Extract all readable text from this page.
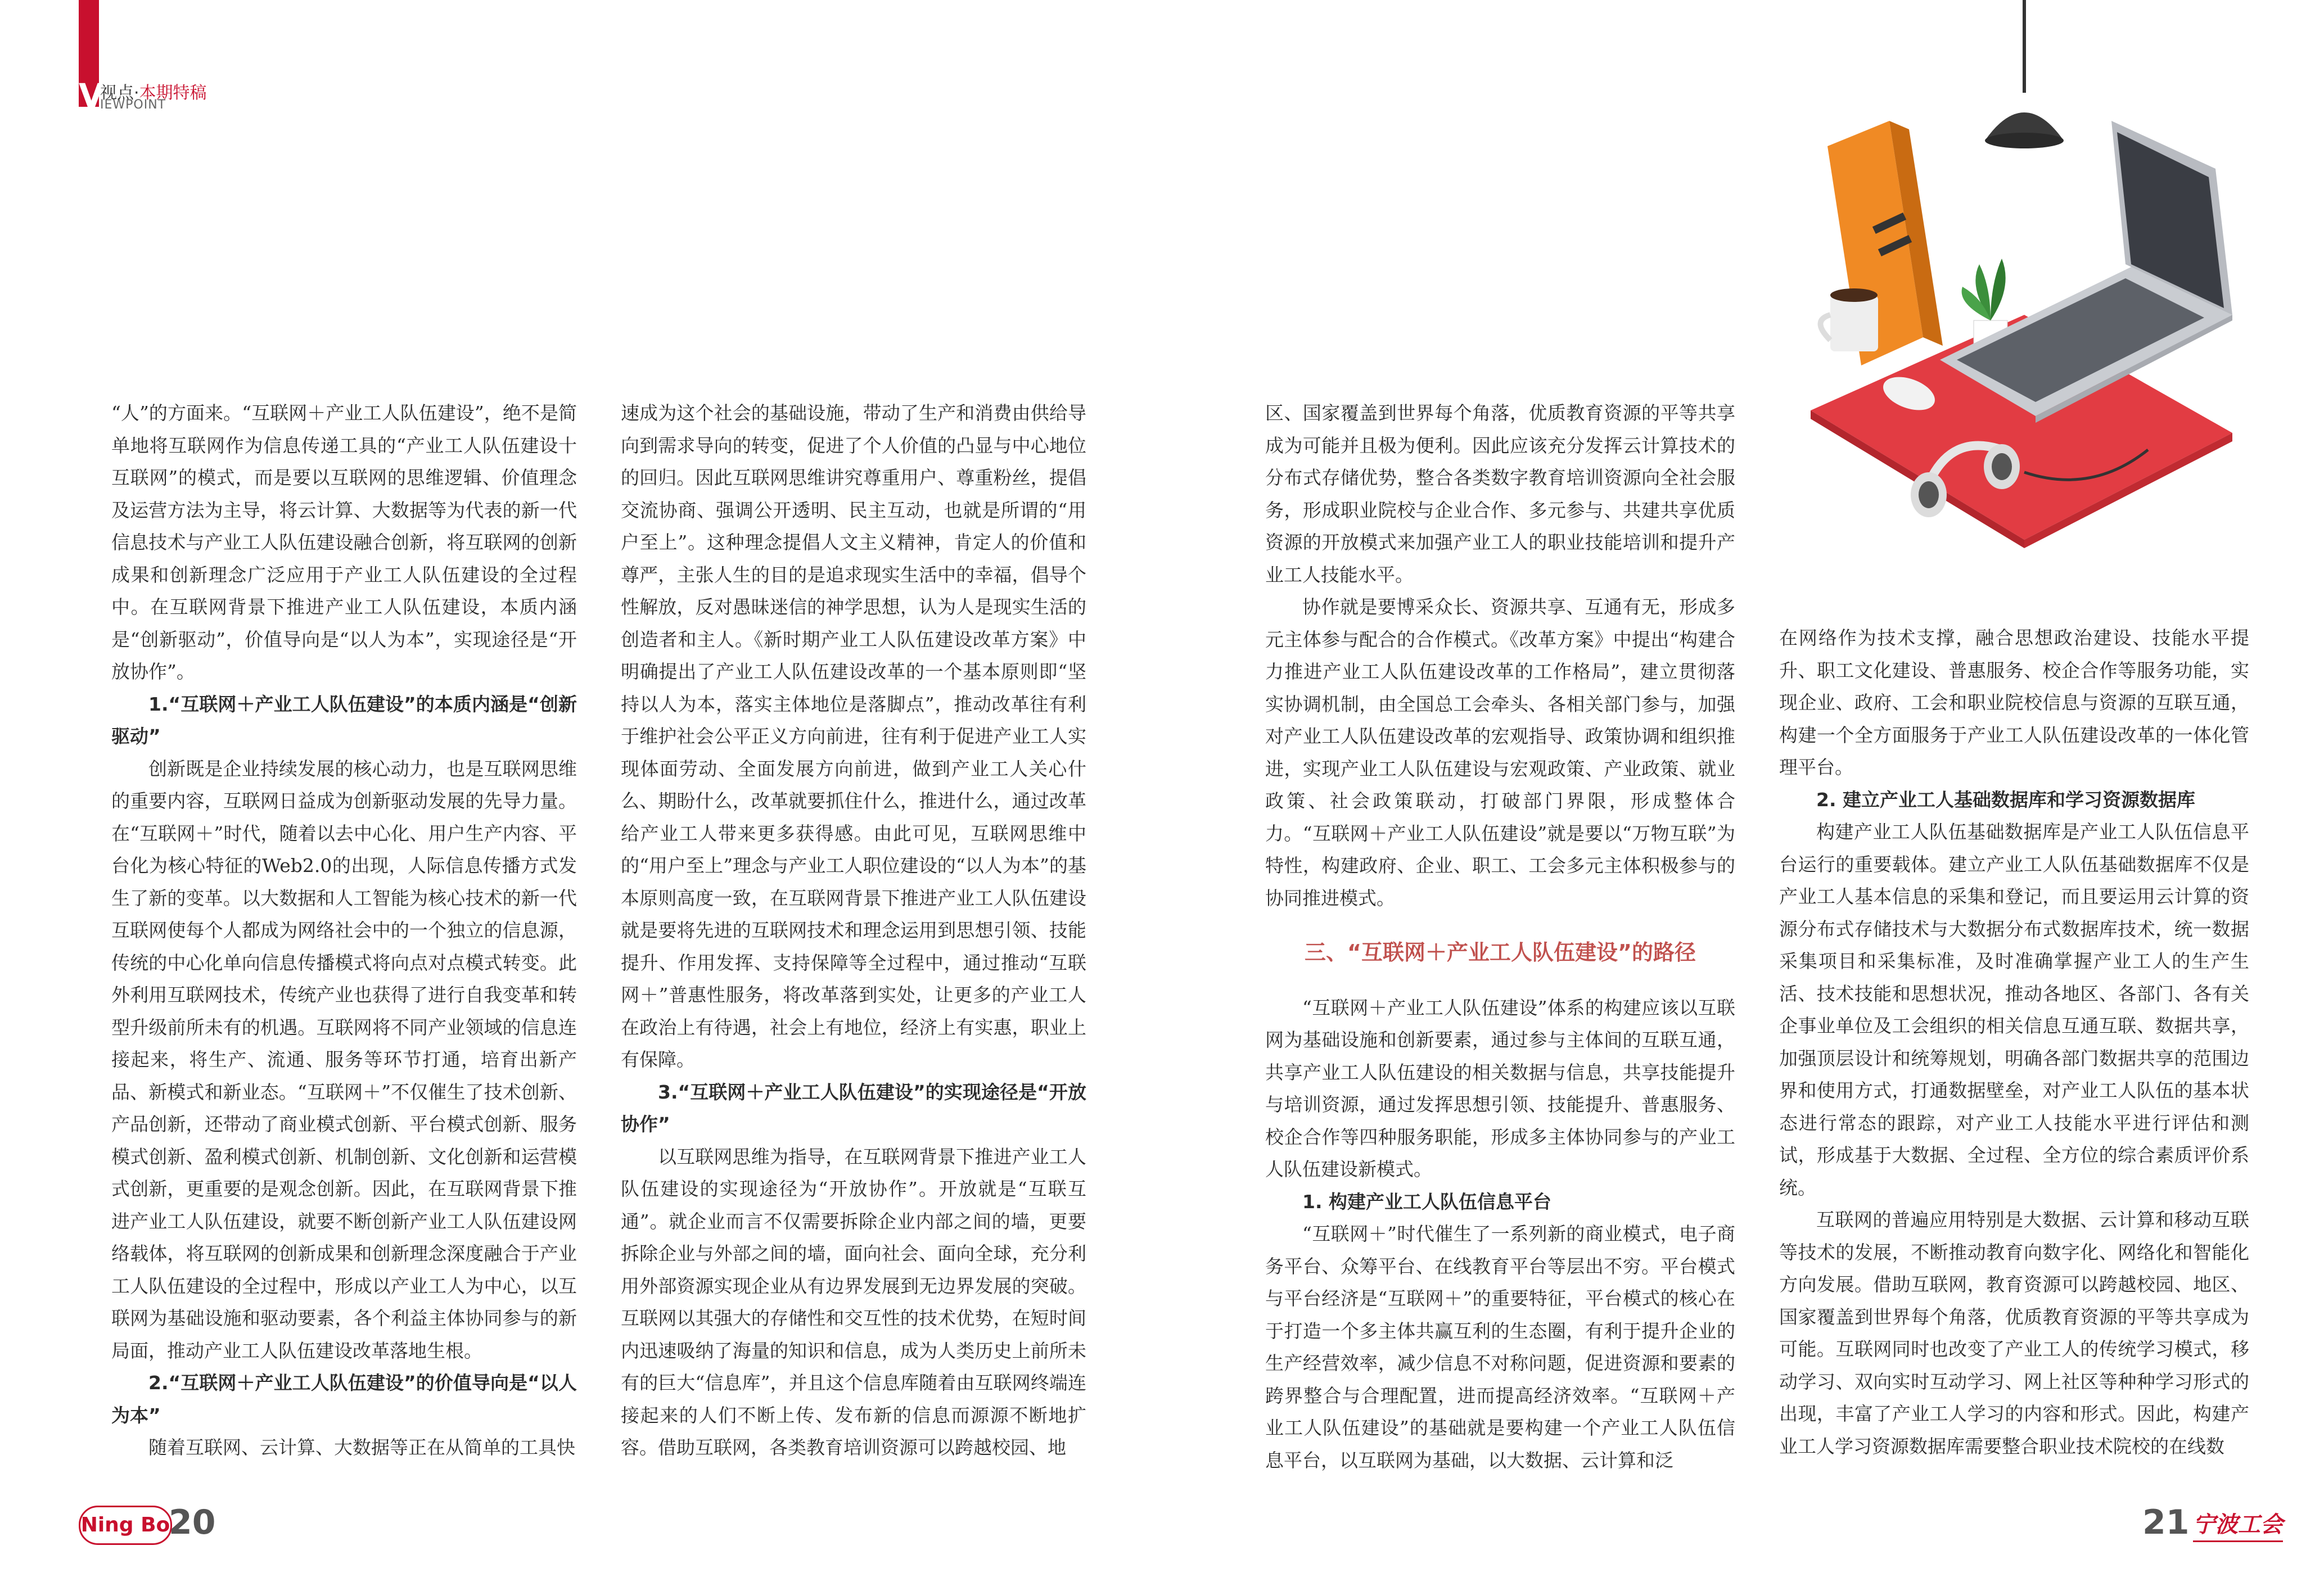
V
视点·本期特稿
IEWPOINT

“人”的方面来。“互联网＋产业工人队伍建设”，绝不是简单地将互联网作为信息传递工具的“产业工人队伍建设十互联网”的模式，而是要以互联网的思维逻辑、价值理念及运营方法为主导，将云计算、大数据等为代表的新一代信息技术与产业工人队伍建设融合创新，将互联网的创新成果和创新理念广泛应用于产业工人队伍建设的全过程中。在互联网背景下推进产业工人队伍建设，本质内涵是“创新驱动”，价值导向是“以人为本”，实现途径是“开放协作”。

1.“互联网＋产业工人队伍建设”的本质内涵是“创新驱动”

创新既是企业持续发展的核心动力，也是互联网思维的重要内容，互联网日益成为创新驱动发展的先导力量。在“互联网＋”时代，随着以去中心化、用户生产内容、平台化为核心特征的Web2.0的出现，人际信息传播方式发生了新的变革。以大数据和人工智能为核心技术的新一代互联网使每个人都成为网络社会中的一个独立的信息源，传统的中心化单向信息传播模式将向点对点模式转变。此外利用互联网技术，传统产业也获得了进行自我变革和转型升级前所未有的机遇。互联网将不同产业领域的信息连接起来，将生产、流通、服务等环节打通，培育出新产品、新模式和新业态。“互联网＋”不仅催生了技术创新、产品创新，还带动了商业模式创新、平台模式创新、服务模式创新、盈利模式创新、机制创新、文化创新和运营模式创新，更重要的是观念创新。因此，在互联网背景下推进产业工人队伍建设，就要不断创新产业工人队伍建设网络载体，将互联网的创新成果和创新理念深度融合于产业工人队伍建设的全过程中，形成以产业工人为中心，以互联网为基础设施和驱动要素，各个利益主体协同参与的新局面，推动产业工人队伍建设改革落地生根。

2.“互联网＋产业工人队伍建设”的价值导向是“以人为本”

随着互联网、云计算、大数据等正在从简单的工具快

速成为这个社会的基础设施，带动了生产和消费由供给导向到需求导向的转变，促进了个人价值的凸显与中心地位的回归。因此互联网思维讲究尊重用户、尊重粉丝，提倡交流协商、强调公开透明、民主互动，也就是所谓的“用户至上”。这种理念提倡人文主义精神，肯定人的价值和尊严，主张人生的目的是追求现实生活中的幸福，倡导个性解放，反对愚昧迷信的神学思想，认为人是现实生活的创造者和主人。《新时期产业工人队伍建设改革方案》中明确提出了产业工人队伍建设改革的一个基本原则即“坚持以人为本，落实主体地位是落脚点”，推动改革往有利于维护社会公平正义方向前进，往有利于促进产业工人实现体面劳动、全面发展方向前进，做到产业工人关心什么、期盼什么，改革就要抓住什么，推进什么，通过改革给产业工人带来更多获得感。由此可见，互联网思维中的“用户至上”理念与产业工人职位建设的“以人为本”的基本原则高度一致，在互联网背景下推进产业工人队伍建设就是要将先进的互联网技术和理念运用到思想引领、技能提升、作用发挥、支持保障等全过程中，通过推动“互联网＋”普惠性服务，将改革落到实处，让更多的产业工人在政治上有待遇，社会上有地位，经济上有实惠，职业上有保障。

3.“互联网＋产业工人队伍建设”的实现途径是“开放协作”

以互联网思维为指导，在互联网背景下推进产业工人队伍建设的实现途径为“开放协作”。开放就是“互联互通”。就企业而言不仅需要拆除企业内部之间的墙，更要拆除企业与外部之间的墙，面向社会、面向全球，充分利用外部资源实现企业从有边界发展到无边界发展的突破。互联网以其强大的存储性和交互性的技术优势，在短时间内迅速吸纳了海量的知识和信息，成为人类历史上前所未有的巨大“信息库”，并且这个信息库随着由互联网终端连接起来的人们不断上传、发布新的信息而源源不断地扩容。借助互联网，各类教育培训资源可以跨越校园、地

区、国家覆盖到世界每个角落，优质教育资源的平等共享成为可能并且极为便利。因此应该充分发挥云计算技术的分布式存储优势，整合各类数字教育培训资源向全社会服务，形成职业院校与企业合作、多元参与、共建共享优质资源的开放模式来加强产业工人的职业技能培训和提升产业工人技能水平。

协作就是要博采众长、资源共享、互通有无，形成多元主体参与配合的合作模式。《改革方案》中提出“构建合力推进产业工人队伍建设改革的工作格局”，建立贯彻落实协调机制，由全国总工会牵头、各相关部门参与，加强对产业工人队伍建设改革的宏观指导、政策协调和组织推进，实现产业工人队伍建设与宏观政策、产业政策、就业政策、社会政策联动，打破部门界限，形成整体合力。“互联网＋产业工人队伍建设”就是要以“万物互联”为特性，构建政府、企业、职工、工会多元主体积极参与的协同推进模式。

三、“互联网＋产业工人队伍建设”的路径

“互联网＋产业工人队伍建设”体系的构建应该以互联网为基础设施和创新要素，通过参与主体间的互联互通，共享产业工人队伍建设的相关数据与信息，共享技能提升与培训资源，通过发挥思想引领、技能提升、普惠服务、校企合作等四种服务职能，形成多主体协同参与的产业工人队伍建设新模式。

1. 构建产业工人队伍信息平台

“互联网＋”时代催生了一系列新的商业模式，电子商务平台、众筹平台、在线教育平台等层出不穷。平台模式与平台经济是“互联网＋”的重要特征，平台模式的核心在于打造一个多主体共赢互利的生态圈，有利于提升企业的生产经营效率，减少信息不对称问题，促进资源和要素的跨界整合与合理配置，进而提高经济效率。“互联网＋产业工人队伍建设”的基础就是要构建一个产业工人队伍信息平台，以互联网为基础，以大数据、云计算和泛

在网络作为技术支撑，融合思想政治建设、技能水平提升、职工文化建设、普惠服务、校企合作等服务功能，实现企业、政府、工会和职业院校信息与资源的互联互通，构建一个全方面服务于产业工人队伍建设改革的一体化管理平台。

2. 建立产业工人基础数据库和学习资源数据库

构建产业工人队伍基础数据库是产业工人队伍信息平台运行的重要载体。建立产业工人队伍基础数据库不仅是产业工人基本信息的采集和登记，而且要运用云计算的资源分布式存储技术与大数据分布式数据库技术，统一数据采集项目和采集标准，及时准确掌握产业工人的生产生活、技术技能和思想状况，推动各地区、各部门、各有关企事业单位及工会组织的相关信息互通互联、数据共享，加强顶层设计和统筹规划，明确各部门数据共享的范围边界和使用方式，打通数据壁垒，对产业工人队伍的基本状态进行常态的跟踪，对产业工人技能水平进行评估和测试，形成基于大数据、全过程、全方位的综合素质评价系统。

互联网的普遍应用特别是大数据、云计算和移动互联等技术的发展，不断推动教育向数字化、网络化和智能化方向发展。借助互联网，教育资源可以跨越校园、地区、国家覆盖到世界每个角落，优质教育资源的平等共享成为可能。互联网同时也改变了产业工人的传统学习模式，移动学习、双向实时互动学习、网上社区等种种学习形式的出现，丰富了产业工人学习的内容和形式。因此，构建产业工人学习资源数据库需要整合职业技术院校的在线数

Ning Bo
20	21 宁波工会
